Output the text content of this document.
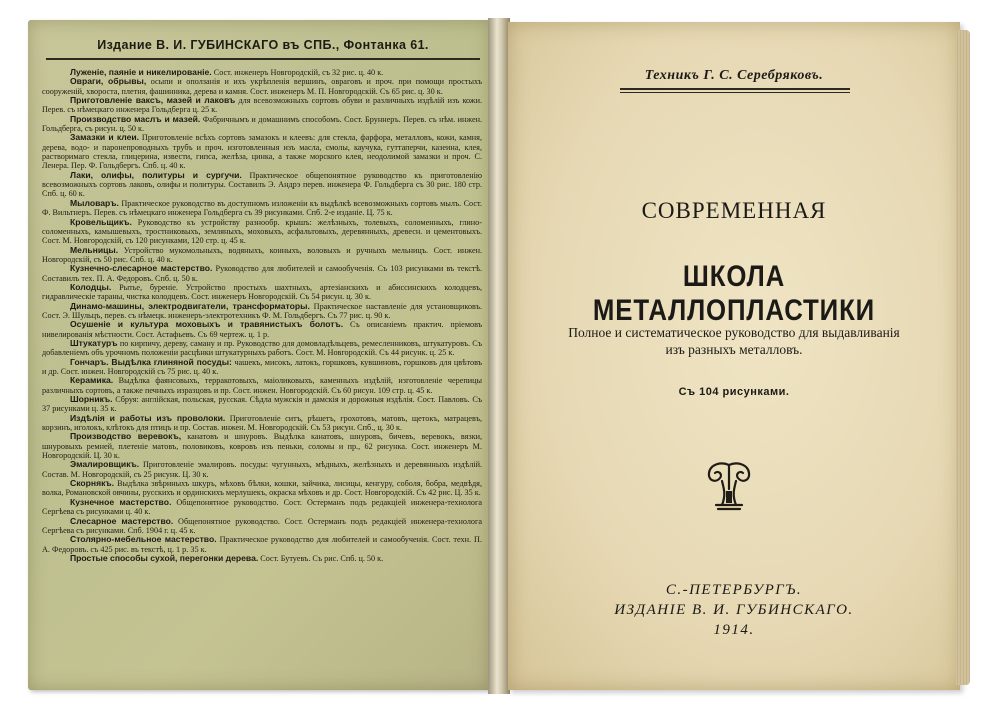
Издание В. И. ГУБИНСКАГО въ СПБ., Фонтанка 61.

Луженіе, паяніе и никелированіе. Сост. инженеръ Новгородскій, съ 32 рис. ц. 40 к.

Овраги, обрывы, осыпи и оползанія и ихъ укрѣпленія вершинъ, овраговъ и проч. при помощи простыхъ сооруженій, хвороста, плетня, фашинника, дерева и камня. Сост. инженеръ М. П. Новгородскій. Съ 65 рис. ц. 30 к.

Приготовленіе ваксъ, мазей и лаковъ для всевозможныхъ сортовъ обуви и различныхъ издѣлій изъ кожи. Перев. съ нѣмецкаго инженера Гольдберга ц. 25 к.

Производство маслъ и мазей. Фабричнымъ и домашнимъ способомъ. Сост. Бруннеръ. Перев. съ нѣм. инжен. Гольдберга, съ рисун. ц. 50 к.

Замазки и клеи. Приготовленіе всѣхъ сортовъ замазокъ и клеевъ: для стекла, фарфора, металловъ, кожи, камня, дерева, водо- и паронепроводныхъ трубъ и проч. изготовленныя изъ масла, смолы, каучука, гуттаперчи, казеина, клея, растворимаго стекла, глицерина, извести, гипса, желѣза, цинка, а также морского клея, неодолимой замазки и проч. С. Ленера. Пер. Ф. Гольдбергъ. Спб. ц. 40 к.

Лаки, олифы, политуры и сургучи. Практическое общепонятное руководство къ приготовленію всевозможныхъ сортовъ лаковъ, олифы и политуры. Составилъ Э. Андрэ перев. инженера Ф. Гольдберга съ 30 рис. 180 стр. Спб. ц. 60 к.

Мыловаръ. Практическое руководство въ доступномъ изложеніи къ выдѣлкѣ всевозможныхъ сортовъ мылъ. Сост. Ф. Вильтнеръ. Перев. съ нѣмецкаго инженера Гольдберга съ 39 рисунками. Спб. 2-е изданіе. Ц. 75 к.

Кровельщикъ. Руководство къ устройству разнообр. крышъ: желѣзныхъ, толевыхъ, соломенныхъ, глино-соломенныхъ, камышевыхъ, тростниковыхъ, земляныхъ, моховыхъ, асфальтовыхъ, деревянныхъ, древесн. и цементовыхъ. Сост. М. Новгородскій, съ 120 рисунками, 120 стр. ц. 45 к.

Мельницы. Устройство мукомольныхъ, водяныхъ, конныхъ, воловыхъ и ручныхъ мельницъ. Сост. инжен. Новгородскій, съ 50 рис. Спб. ц. 40 к.

Кузнечно-слесарное мастерство. Руководство для любителей и самообученія. Съ 103 рисунками въ текстѣ. Составилъ тех. П. А. Федоровъ. Спб. ц. 50 к.

Колодцы. Рытье, буреніе. Устройство простыхъ шахтныхъ, артезіанскихъ и абиссинскихъ колодцевъ, гидравлическіе тараны, чистка колодцевъ. Сост. инженеръ Новгородскій. Съ 54 рисун. ц. 30 к.

Динамо-машины, электродвигатели, трансформаторы. Практическое наставленіе для установщиковъ. Сост. Э. Шульцъ, перев. съ нѣмецк. инженеръ-электротехникъ Ф. М. Гольдбергъ. Съ 77 рис. ц. 90 к.

Осушеніе и культура моховыхъ и травянистыхъ болотъ. Съ описаніемъ практич. пріемовъ нивелированія мѣстности. Сост. Астафьевъ. Съ 69 чертеж. ц. 1 р.

Штукатуръ по кирпичу, дереву, саману и пр. Руководство для домовладѣльцевъ, ремесленниковъ, штукатуровъ. Съ добавленіемъ объ урочномъ положеніи расцѣнки штукатурныхъ работъ. Сост. М. Новгородскій. Съ 44 рисунк. ц. 25 к.

Гончаръ. Выдѣлка глиняной посуды: чашекъ, мисокъ, латокъ, горшковъ, кувшиновъ, горшковъ для цвѣтовъ и др. Сост. инжен. Новгородскій съ 75 рис. ц. 40 к.

Керамика. Выдѣлка фаянсовыхъ, терракотовыхъ, маіоликовыхъ, каменныхъ издѣлій, изготовленіе черепицы различныхъ сортовъ, а также печныхъ изразцовъ и пр. Сост. инжен. Новгородскій. Съ 60 рисун. 109 стр. ц. 45 к.

Шорникъ. Сбруя: англійская, польская, русская. Сѣдла мужскія и дамскія и дорожныя издѣлія. Сост. Павловъ. Съ 37 рисунками ц. 35 к.

Издѣлія и работы изъ проволоки. Приготовленіе ситъ, рѣшетъ, грохотовъ, матовъ, щетокъ, матрацевъ, корзинъ, иголокъ, клѣтокъ для птицъ и пр. Состав. инжен. М. Новгородскій. Съ 53 рисун. Спб., ц. 30 к.

Производство веревокъ, канатовъ и шнуровъ. Выдѣлка канатовъ, шнуровъ, бичевъ, веревокъ, вязки, шнуровыхъ ремней, плетеніе матовъ, половиковъ, ковровъ изъ пеньки, соломы и пр., 62 рисунка. Сост. инженеръ М. Новгородскій. Ц. 30 к.

Эмалировщикъ. Приготовленіе эмалировъ. посуды: чугунныхъ, мѣдныхъ, желѣзныхъ и деревянныхъ издѣлій. Состав. М. Новгородскій, съ 25 рисунк. Ц. 30 к.

Скорнякъ. Выдѣлка звѣриныхъ шкуръ, мѣховъ бѣлки, кошки, зайчика, лисицы, кенгуру, соболя, бобра, медвѣдя, волка, Романовской овчины, русскихъ и ординскихъ мерлушекъ, окраска мѣховъ и др. Сост. Новгородскій. Съ 42 рис. Ц. 35 к.

Кузнечное мастерство. Общепонятное руководство. Сост. Остерманъ подъ редакціей инженера-технолога Сергѣева съ рисунками ц. 40 к.

Слесарное мастерство. Общепонятное руководство. Сост. Остерманъ подъ редакціей инженера-технолога Сергѣева съ рисунками. Спб. 1904 г. ц. 45 к.

Столярно-мебельное мастерство. Практическое руководство для любителей и самообученія. Сост. техн. П. А. Федоровъ. съ 425 рис. въ текстѣ, ц. 1 р. 35 к.

Простые способы сухой, перегонки дерева. Сост. Бутуевъ. Съ рис. Спб. ц. 50 к.

Техникъ Г. С. Серебряковъ.
СОВРЕМЕННАЯ
ШКОЛА МЕТАЛЛОПЛАСТИКИ
Полное и систематическое руководство для выдавливанія
изъ разныхъ металловъ.
Съ 104 рисунками.
С.-ПЕТЕРБУРГЪ.
ИЗДАНІЕ В. И. ГУБИНСКАГО.
1914.
